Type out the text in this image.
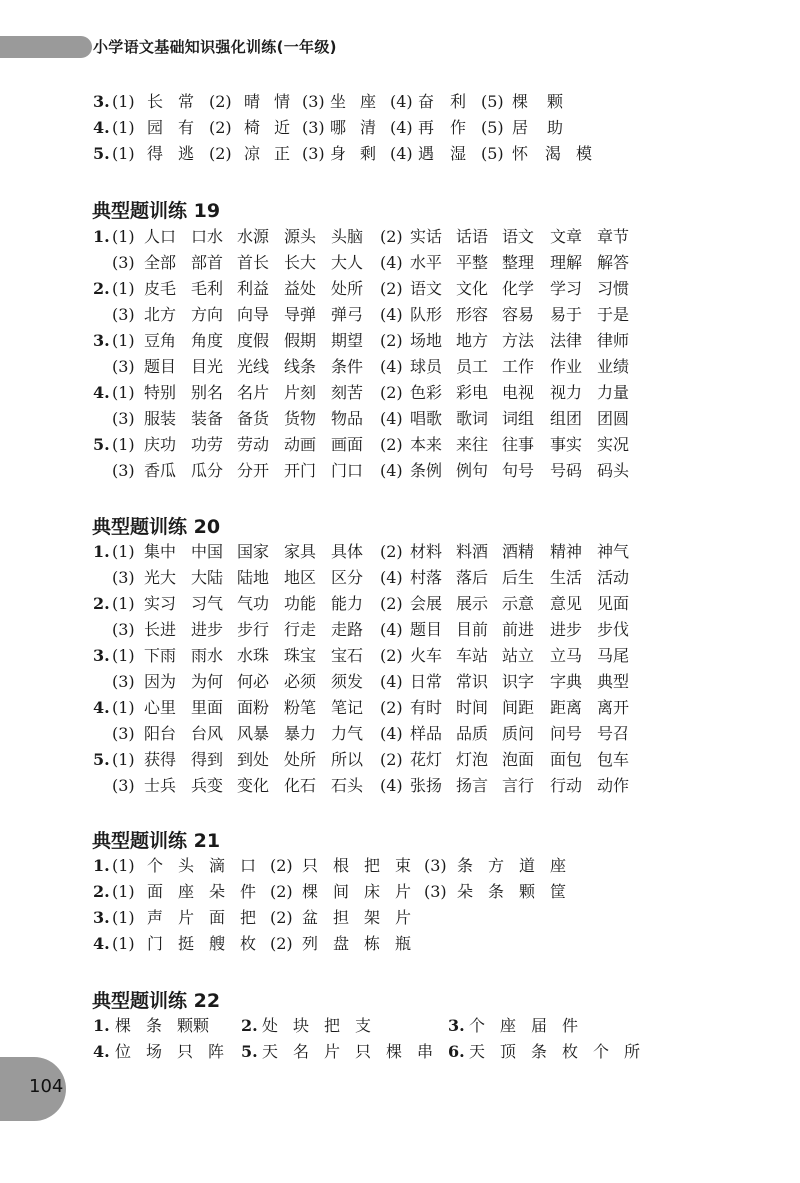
小学语文基础知识强化训练(一年级)
3. (1) 长 常 (2) 晴 情 (3) 坐 座 (4) 奋 利 (5) 棵 颗
4. (1) 园 有 (2) 椅 近 (3) 哪 清 (4) 再 作 (5) 居 助
5. (1) 得 逃 (2) 凉 正 (3) 身 剩 (4) 遇 湿 (5) 怀 渴 模
典型题训练 19
1. (1) 人口 口水 水源 源头 头脑 (2) 实话 话语 语文 文章 章节
(3) 全部 部首 首长 长大 大人 (4) 水平 平整 整理 理解 解答
2. (1) 皮毛 毛利 利益 益处 处所 (2) 语文 文化 化学 学习 习惯
(3) 北方 方向 向导 导弹 弹弓 (4) 队形 形容 容易 易于 于是
3. (1) 豆角 角度 度假 假期 期望 (2) 场地 地方 方法 法律 律师
(3) 题目 目光 光线 线条 条件 (4) 球员 员工 工作 作业 业绩
4. (1) 特别 别名 名片 片刻 刻苦 (2) 色彩 彩电 电视 视力 力量
(3) 服装 装备 备货 货物 物品 (4) 唱歌 歌词 词组 组团 团圆
5. (1) 庆功 功劳 劳动 动画 画面 (2) 本来 来往 往事 事实 实况
(3) 香瓜 瓜分 分开 开门 门口 (4) 条例 例句 句号 号码 码头
典型题训练 20
1. (1) 集中 中国 国家 家具 具体 (2) 材料 料酒 酒精 精神 神气
(3) 光大 大陆 陆地 地区 区分 (4) 村落 落后 后生 生活 活动
2. (1) 实习 习气 气功 功能 能力 (2) 会展 展示 示意 意见 见面
(3) 长进 进步 步行 行走 走路 (4) 题目 目前 前进 进步 步伐
3. (1) 下雨 雨水 水珠 珠宝 宝石 (2) 火车 车站 站立 立马 马尾
(3) 因为 为何 何必 必须 须发 (4) 日常 常识 识字 字典 典型
4. (1) 心里 里面 面粉 粉笔 笔记 (2) 有时 时间 间距 距离 离开
(3) 阳台 台风 风暴 暴力 力气 (4) 样品 品质 质问 问号 号召
5. (1) 获得 得到 到处 处所 所以 (2) 花灯 灯泡 泡面 面包 包车
(3) 士兵 兵变 变化 化石 石头 (4) 张扬 扬言 言行 行动 动作
典型题训练 21
1. (1) 个 头 滴 口 (2) 只 根 把 束 (3) 条 方 道 座
2. (1) 面 座 朵 件 (2) 棵 间 床 片 (3) 朵 条 颗 筐
3. (1) 声 片 面 把 (2) 盆 担 架 片
4. (1) 门 挺 艘 枚 (2) 列 盘 栋 瓶
典型题训练 22
1. 棵 条 颗颗 2. 处 块 把 支	3. 个 座 届 件
4. 位 场 只 阵 5. 天 名 片 只 棵 串 6. 天 顶 条 枚 个 所
104
